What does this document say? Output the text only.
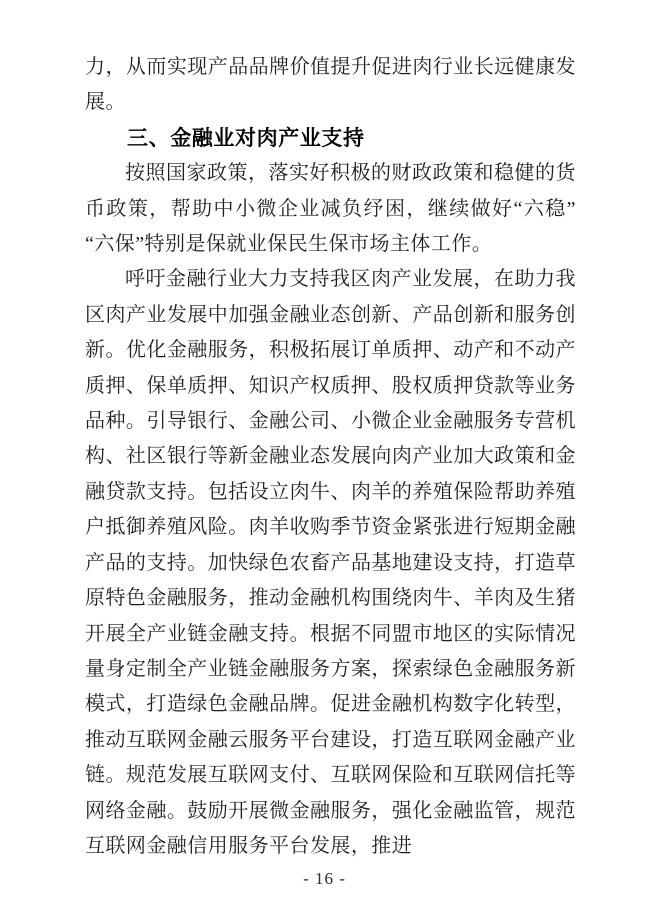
力，从而实现产品品牌价值提升促进肉行业长远健康发展。

三、金融业对肉产业支持

按照国家政策，落实好积极的财政政策和稳健的货币政策，帮助中小微企业减负纾困，继续做好“六稳”“六保”特别是保就业保民生保市场主体工作。

呼吁金融行业大力支持我区肉产业发展，在助力我区肉产业发展中加强金融业态创新、产品创新和服务创新。优化金融服务，积极拓展订单质押、动产和不动产质押、保单质押、知识产权质押、股权质押贷款等业务品种。引导银行、金融公司、小微企业金融服务专营机构、社区银行等新金融业态发展向肉产业加大政策和金融贷款支持。包括设立肉牛、肉羊的养殖保险帮助养殖户抵御养殖风险。肉羊收购季节资金紧张进行短期金融产品的支持。加快绿色农畜产品基地建设支持，打造草原特色金融服务，推动金融机构围绕肉牛、羊肉及生猪开展全产业链金融支持。根据不同盟市地区的实际情况量身定制全产业链金融服务方案，探索绿色金融服务新模式，打造绿色金融品牌。促进金融机构数字化转型，推动互联网金融云服务平台建设，打造互联网金融产业链。规范发展互联网支付、互联网保险和互联网信托等网络金融。鼓励开展微金融服务，强化金融监管，规范互联网金融信用服务平台发展，推进

- 16 -
